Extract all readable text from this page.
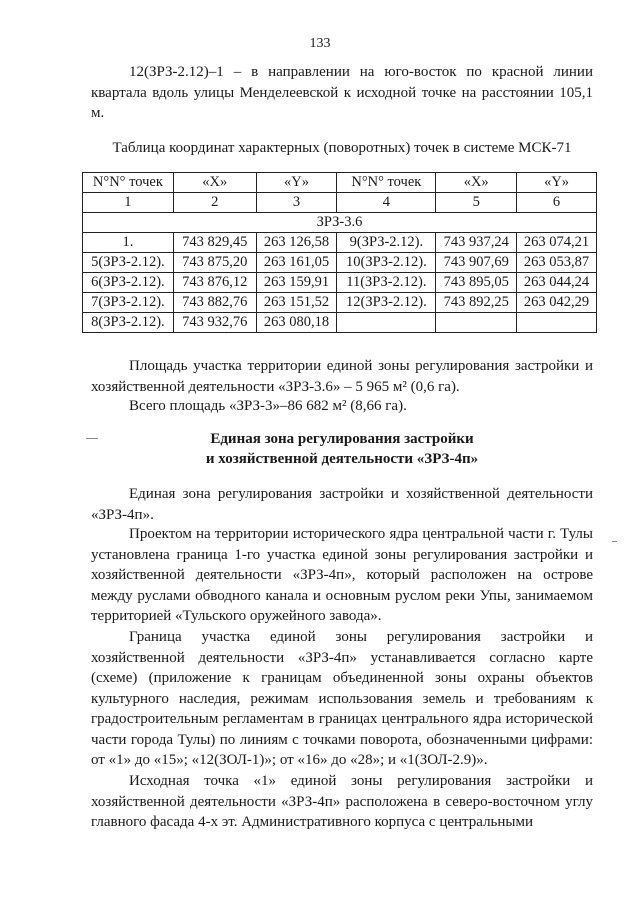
133

12(ЗРЗ-2.12)–1 – в направлении на юго-восток по красной линии квартала вдоль улицы Менделеевской к исходной точке на расстоянии 105,1 м.

Таблица координат характерных (поворотных) точек в системе МСК-71
N°N° точек	«X»	«Y»	N°N° точек	«X»	«Y»
1	2	3	4	5	6
ЗРЗ-3.6					
1.	743 829,45	263 126,58	9(ЗРЗ-2.12).	743 937,24	263 074,21
5(ЗРЗ-2.12).	743 875,20	263 161,05	10(ЗРЗ-2.12).	743 907,69	263 053,87
6(ЗРЗ-2.12).	743 876,12	263 159,91	11(ЗРЗ-2.12).	743 895,05	263 044,24
7(ЗРЗ-2.12).	743 882,76	263 151,52	12(ЗРЗ-2.12).	743 892,25	263 042,29
8(ЗРЗ-2.12).	743 932,76	263 080,18			

Площадь участка территории единой зоны регулирования застройки и хозяйственной деятельности «ЗРЗ-3.6» – 5 965 м² (0,6 га).

Всего площадь «ЗРЗ-3»–86 682 м² (8,66 га).

Единая зона регулирования застройки
и хозяйственной деятельности «ЗРЗ-4п»

Единая зона регулирования застройки и хозяйственной деятельности «ЗРЗ-4п».

Проектом на территории исторического ядра центральной части г. Тулы установлена граница 1-го участка единой зоны регулирования застройки и хозяйственной деятельности «ЗРЗ-4п», который расположен на острове между руслами обводного канала и основным руслом реки Упы, занимаемом территорией «Тульского оружейного завода».

Граница участка единой зоны регулирования застройки и хозяйственной деятельности «ЗРЗ-4п» устанавливается согласно карте (схеме) (приложение к границам объединенной зоны охраны объектов культурного наследия, режимам использования земель и требованиям к градостроительным регламентам в границах центрального ядра исторической части города Тулы) по линиям с точками поворота, обозначенными цифрами: от «1» до «15»; «12(ЗОЛ-1)»; от «16» до «28»; и «1(ЗОЛ-2.9)».

Исходная точка «1» единой зоны регулирования застройки и хозяйственной деятельности «ЗРЗ-4п» расположена в северо-восточном углу главного фасада 4-х эт. Административного корпуса с центральными
